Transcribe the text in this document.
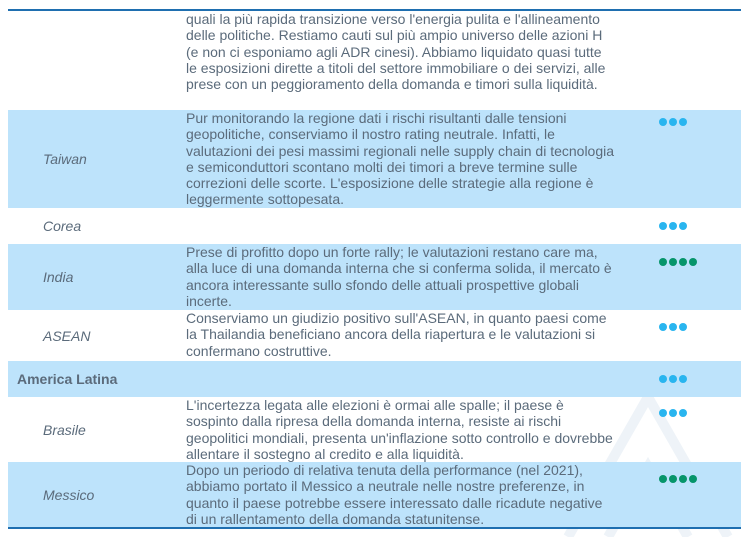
quali la più rapida transizione verso l'energia pulita e l'allineamento delle politiche. Restiamo cauti sul più ampio universo delle azioni H (e non ci esponiamo agli ADR cinesi). Abbiamo liquidato quasi tutte le esposizioni dirette a titoli del settore immobiliare o dei servizi, alle prese con un peggioramento della domanda e timori sulla liquidità.
Taiwan
Pur monitorando la regione dati i rischi risultanti dalle tensioni geopolitiche, conserviamo il nostro rating neutrale. Infatti, le valutazioni dei pesi massimi regionali nelle supply chain di tecnologia e semiconduttori scontano molti dei timori a breve termine sulle correzioni delle scorte. L'esposizione delle strategie alla regione è leggermente sottopesata.
Corea
India
Prese di profitto dopo un forte rally; le valutazioni restano care ma, alla luce di una domanda interna che si conferma solida, il mercato è ancora interessante sullo sfondo delle attuali prospettive globali incerte.
ASEAN
Conserviamo un giudizio positivo sull'ASEAN, in quanto paesi come la Thailandia beneficiano ancora della riapertura e le valutazioni si confermano costruttive.
America Latina
Brasile
L'incertezza legata alle elezioni è ormai alle spalle; il paese è sospinto dalla ripresa della domanda interna, resiste ai rischi geopolitici mondiali, presenta un'inflazione sotto controllo e dovrebbe allentare il sostegno al credito e alla liquidità.
Messico
Dopo un periodo di relativa tenuta della performance (nel 2021), abbiamo portato il Messico a neutrale nelle nostre preferenze, in quanto il paese potrebbe essere interessato dalle ricadute negative di un rallentamento della domanda statunitense.
